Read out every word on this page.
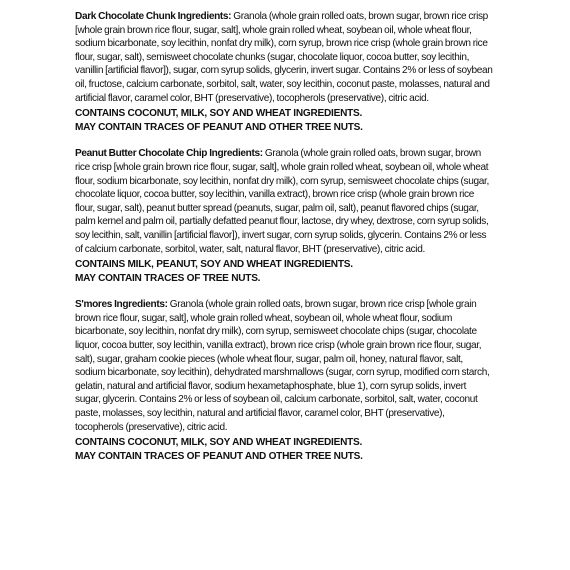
Dark Chocolate Chunk Ingredients: Granola (whole grain rolled oats, brown sugar, brown rice crisp [whole grain brown rice flour, sugar, salt], whole grain rolled wheat, soybean oil, whole wheat flour, sodium bicarbonate, soy lecithin, nonfat dry milk), corn syrup, brown rice crisp (whole grain brown rice flour, sugar, salt), semisweet chocolate chunks (sugar, chocolate liquor, cocoa butter, soy lecithin, vanillin [artificial flavor]), sugar, corn syrup solids, glycerin, invert sugar. Contains 2% or less of soybean oil, fructose, calcium carbonate, sorbitol, salt, water, soy lecithin, coconut paste, molasses, natural and artificial flavor, caramel color, BHT (preservative), tocopherols (preservative), citric acid.

CONTAINS COCONUT, MILK, SOY AND WHEAT INGREDIENTS.
MAY CONTAIN TRACES OF PEANUT AND OTHER TREE NUTS.

Peanut Butter Chocolate Chip Ingredients: Granola (whole grain rolled oats, brown sugar, brown rice crisp [whole grain brown rice flour, sugar, salt], whole grain rolled wheat, soybean oil, whole wheat flour, sodium bicarbonate, soy lecithin, nonfat dry milk), corn syrup, semisweet chocolate chips (sugar, chocolate liquor, cocoa butter, soy lecithin, vanilla extract), brown rice crisp (whole grain brown rice flour, sugar, salt), peanut butter spread (peanuts, sugar, palm oil, salt), peanut flavored chips (sugar, palm kernel and palm oil, partially defatted peanut flour, lactose, dry whey, dextrose, corn syrup solids, soy lecithin, salt, vanillin [artificial flavor]), invert sugar, corn syrup solids, glycerin. Contains 2% or less of calcium carbonate, sorbitol, water, salt, natural flavor, BHT (preservative), citric acid.

CONTAINS MILK, PEANUT, SOY AND WHEAT INGREDIENTS.
MAY CONTAIN TRACES OF TREE NUTS.

S'mores Ingredients: Granola (whole grain rolled oats, brown sugar, brown rice crisp [whole grain brown rice flour, sugar, salt], whole grain rolled wheat, soybean oil, whole wheat flour, sodium bicarbonate, soy lecithin, nonfat dry milk), corn syrup, semisweet chocolate chips (sugar, chocolate liquor, cocoa butter, soy lecithin, vanilla extract), brown rice crisp (whole grain brown rice flour, sugar, salt), sugar, graham cookie pieces (whole wheat flour, sugar, palm oil, honey, natural flavor, salt, sodium bicarbonate, soy lecithin), dehydrated marshmallows (sugar, corn syrup, modified corn starch, gelatin, natural and artificial flavor, sodium hexametaphosphate, blue 1), corn syrup solids, invert sugar, glycerin. Contains 2% or less of soybean oil, calcium carbonate, sorbitol, salt, water, coconut paste, molasses, soy lecithin, natural and artificial flavor, caramel color, BHT (preservative), tocopherols (preservative), citric acid.

CONTAINS COCONUT, MILK, SOY AND WHEAT INGREDIENTS.
MAY CONTAIN TRACES OF PEANUT AND OTHER TREE NUTS.
